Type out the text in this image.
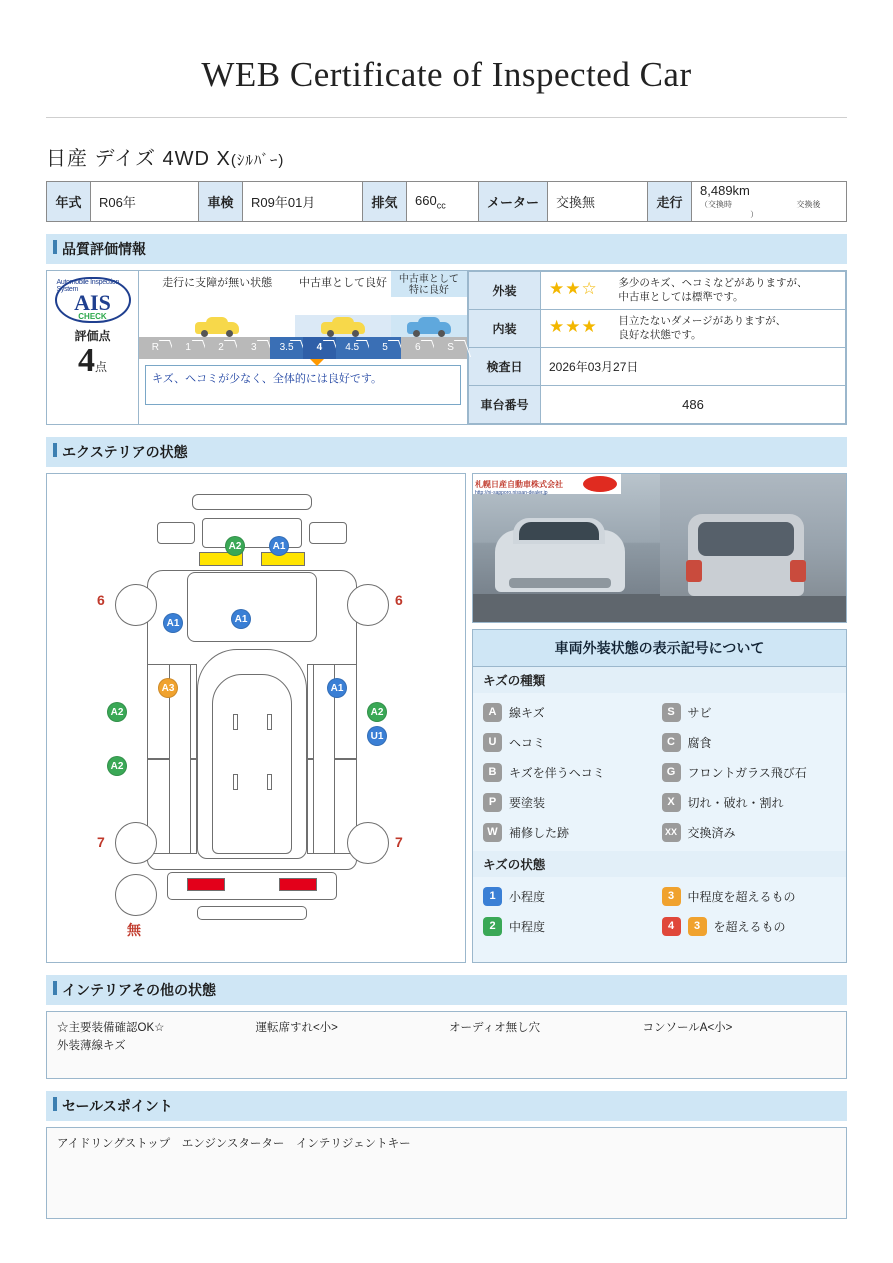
WEB Certificate of Inspected Car
日産 デイズ 4WD X(ｼﾙﾊﾞｰ)
年式	R06年	車検	R09年01月	排気	$660_{cc}$	メーター	交換無	走行	
8,489km
（交換時	交換後  ）
品質評価情報
Automobile Inspection System
AIS
CHECK
評価点
4点
走行に支障が無い状態	中古車として良好	中古車として
特に良好
R	1	2	3	3.5	4	4.5	5	6	S
キズ、ヘコミが少なく、全体的には良好です。
外装	★★☆ 多少のキズ、ヘコミなどがありますが、
中古車としては標準です。
内装	★★★ 目立たないダメージがありますが、
良好な状態です。
検査日	2026年03月27日
車台番号	486
エクステリアの状態
A2	A1
A1	A1
A3	A1
A2	A2
U1
A2
6	6
7	7
無
札幌日産自動車株式会社
http://ni-sapporo.nissan-dealer.jp
車両外装状態の表示記号について
キズの種類
A	線キズ	S	サビ
U	ヘコミ	C	腐食
B	キズを伴うヘコミ	G	フロントガラス飛び石
P	要塗装	X	切れ・破れ・割れ
W 補修した跡	XX 交換済み
キズの状態
1	小程度	3	中程度を超えるもの
2	中程度	4	3	を超えるもの
インテリアその他の状態
☆主要装備確認OK☆
外装薄線キズ
運転席すれ<小>	オーディオ無し穴	コンソールA<小>
セールスポイント
アイドリングストップ　エンジンスターター　インテリジェントキー
